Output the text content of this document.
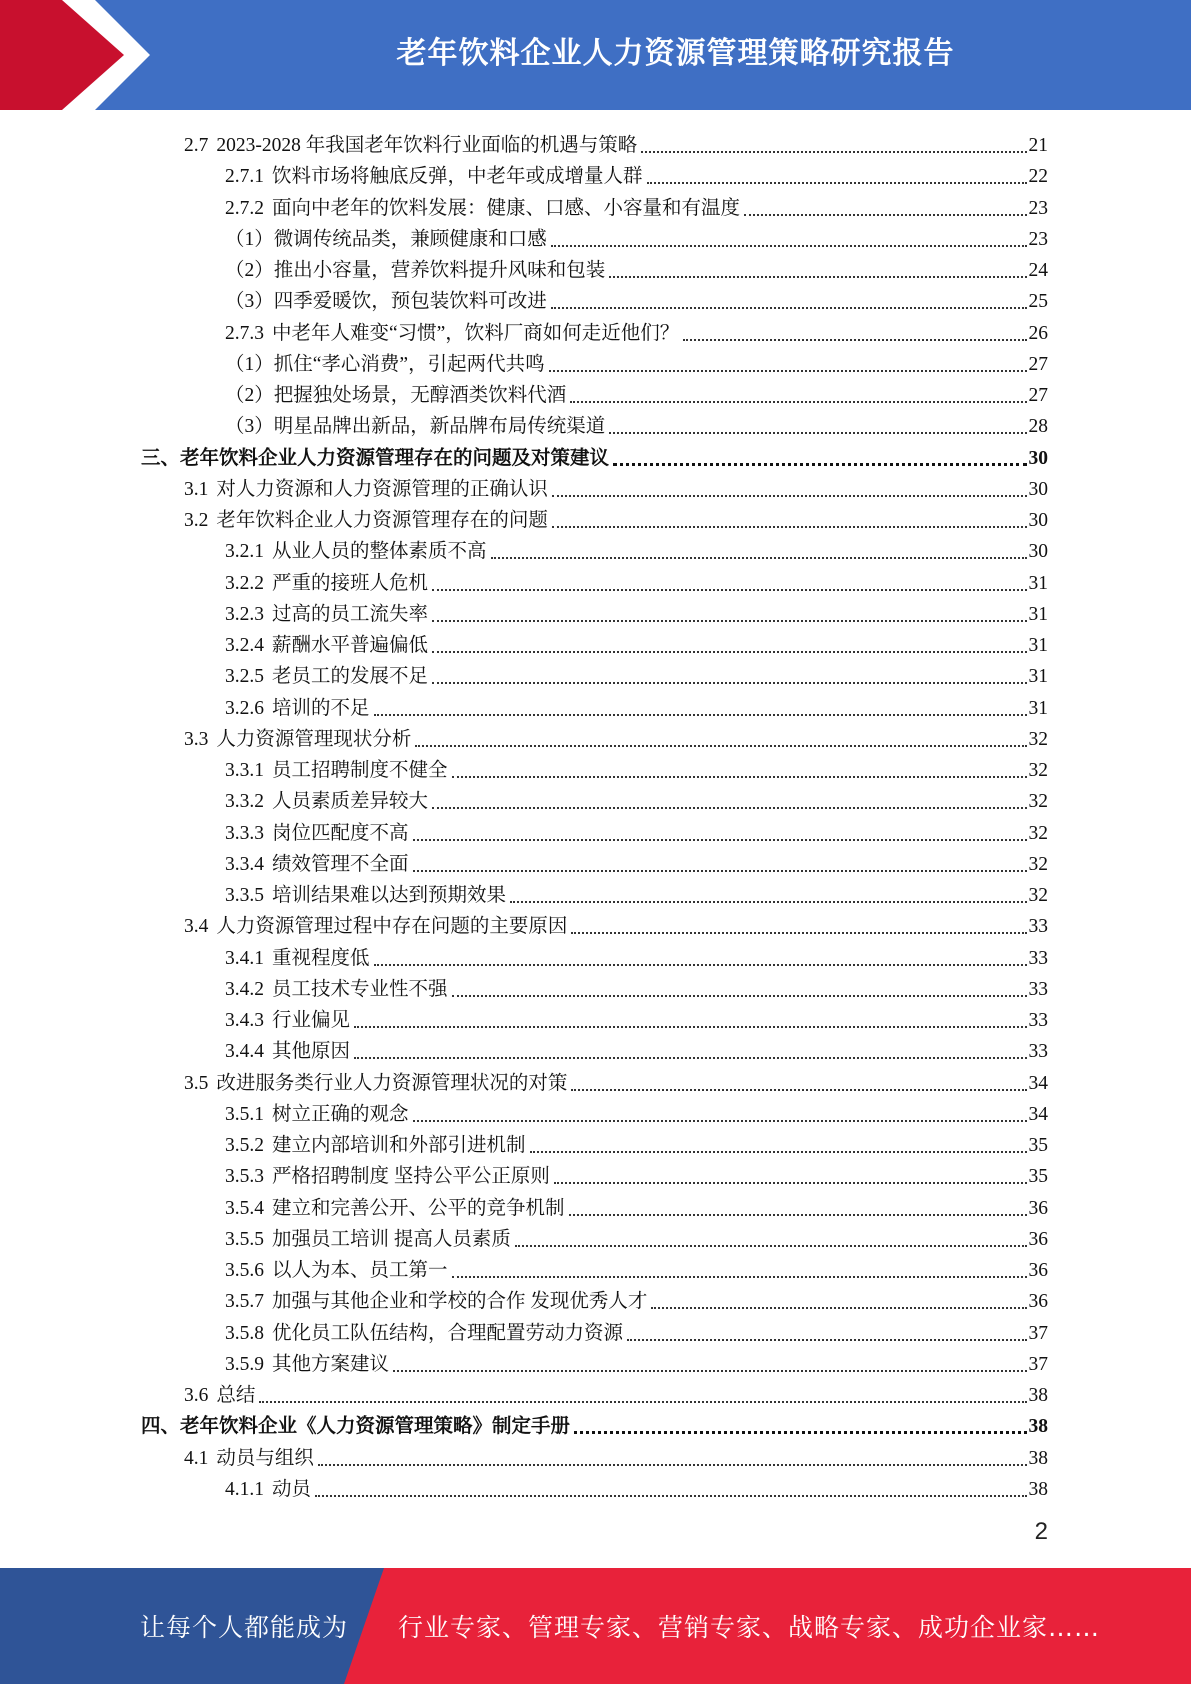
老年饮料企业人力资源管理策略研究报告
2.7 2023-2028 年我国老年饮料行业面临的机遇与策略	21
2.7.1 饮料市场将触底反弹，中老年或成增量人群	22
2.7.2 面向中老年的饮料发展：健康、口感、小容量和有温度	23
（1） 微调传统品类，兼顾健康和口感	23
（2） 推出小容量，营养饮料提升风味和包装	24
（3） 四季爱暖饮，预包装饮料可改进	25
2.7.3 中老年人难变“习惯”，饮料厂商如何走近他们？	26
（1） 抓住“孝心消费”，引起两代共鸣	27
（2） 把握独处场景，无醇酒类饮料代酒	27
（3） 明星品牌出新品，新品牌布局传统渠道	28
三、 老年饮料企业人力资源管理存在的问题及对策建议	30
3.1 对人力资源和人力资源管理的正确认识	30
3.2 老年饮料企业人力资源管理存在的问题	30
3.2.1 从业人员的整体素质不高	30
3.2.2 严重的接班人危机	31
3.2.3 过高的员工流失率	31
3.2.4 薪酬水平普遍偏低	31
3.2.5 老员工的发展不足	31
3.2.6 培训的不足	31
3.3 人力资源管理现状分析	32
3.3.1 员工招聘制度不健全	32
3.3.2 人员素质差异较大	32
3.3.3 岗位匹配度不高	32
3.3.4 绩效管理不全面	32
3.3.5 培训结果难以达到预期效果	32
3.4 人力资源管理过程中存在问题的主要原因	33
3.4.1 重视程度低	33
3.4.2 员工技术专业性不强	33
3.4.3 行业偏见	33
3.4.4 其他原因	33
3.5 改进服务类行业人力资源管理状况的对策	34
3.5.1 树立正确的观念	34
3.5.2 建立内部培训和外部引进机制	35
3.5.3 严格招聘制度 坚持公平公正原则	35
3.5.4 建立和完善公开、公平的竞争机制	36
3.5.5 加强员工培训 提高人员素质	36
3.5.6 以人为本、员工第一	36
3.5.7 加强与其他企业和学校的合作 发现优秀人才	36
3.5.8 优化员工队伍结构，合理配置劳动力资源	37
3.5.9 其他方案建议	37
3.6 总结	38
四、 老年饮料企业《人力资源管理策略》制定手册	38
4.1 动员与组织	38
4.1.1 动员	38
2
让每个人都能成为 行业专家、管理专家、营销专家、战略专家、成功企业家……
